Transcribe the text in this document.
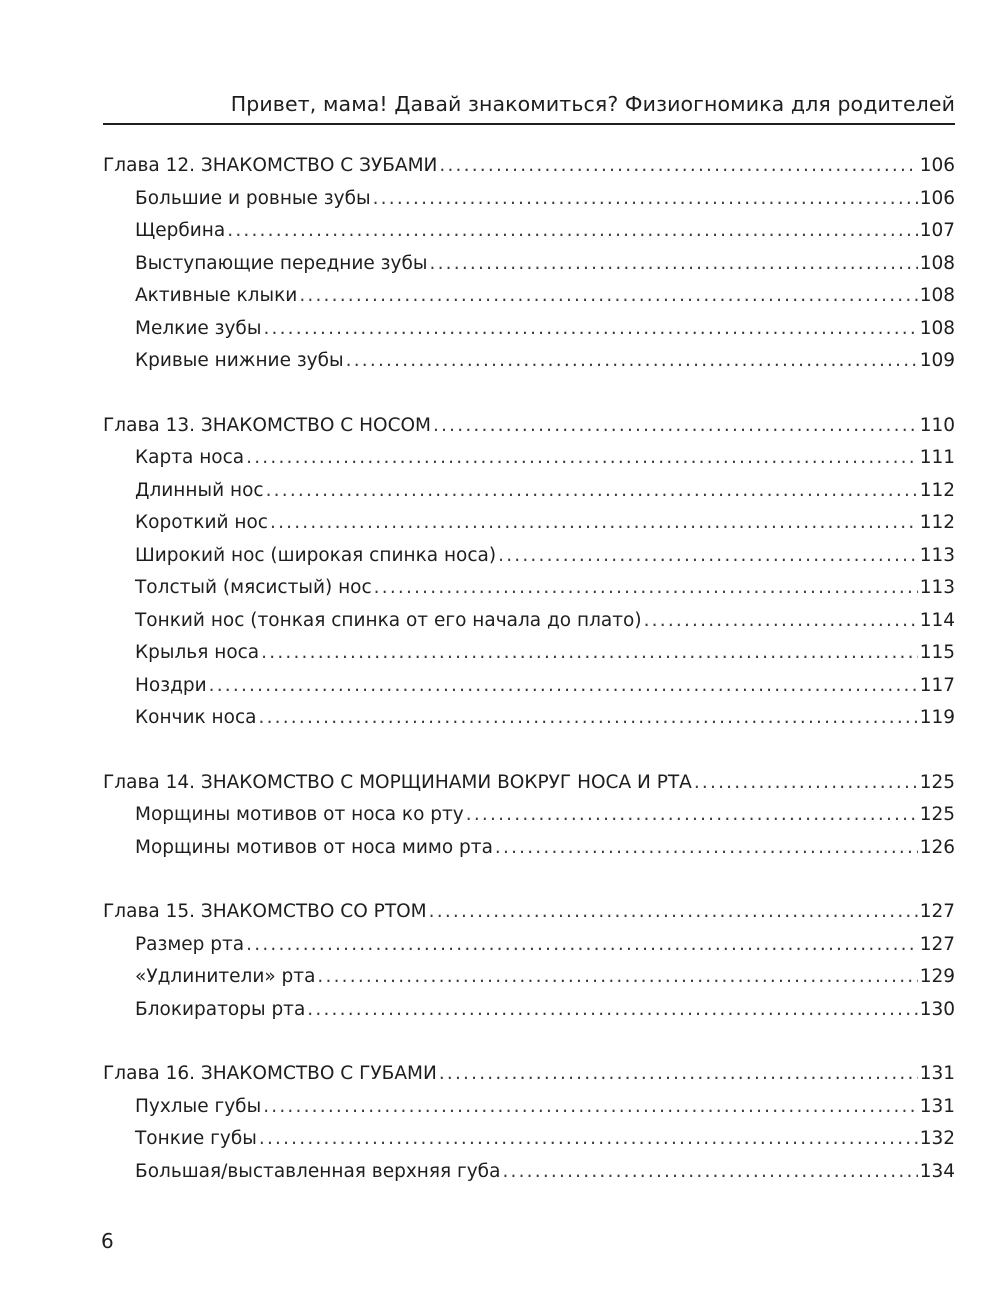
Привет, мама! Давай знакомиться? Физиогномика для родителей
Глава 12. ЗНАКОМСТВО С ЗУБАМИ .....	106
Большие и ровные зубы .....	106
Щербина .....	107
Выступающие передние зубы .....	108
Активные клыки .....	108
Мелкие зубы .....	108
Кривые нижние зубы .....	109
Глава 13. ЗНАКОМСТВО С НОСОМ .....	110
Карта носа .....	111
Длинный нос .....	112
Короткий нос .....	112
Широкий нос (широкая спинка носа) .....	113
Толстый (мясистый) нос .....	113
Тонкий нос (тонкая спинка от его начала до плато) .....	114
Крылья носа .....	115
Ноздри .....	117
Кончик носа .....	119
Глава 14. ЗНАКОМСТВО С МОРЩИНАМИ ВОКРУГ НОСА И РТА .....	125
Морщины мотивов от носа ко рту .....	125
Морщины мотивов от носа мимо рта .....	126
Глава 15. ЗНАКОМСТВО СО РТОМ .....	127
Размер рта .....	127
«Удлинители» рта .....	129
Блокираторы рта .....	130
Глава 16. ЗНАКОМСТВО С ГУБАМИ .....	131
Пухлые губы .....	131
Тонкие губы .....	132
Большая/выставленная верхняя губа .....	134
6
